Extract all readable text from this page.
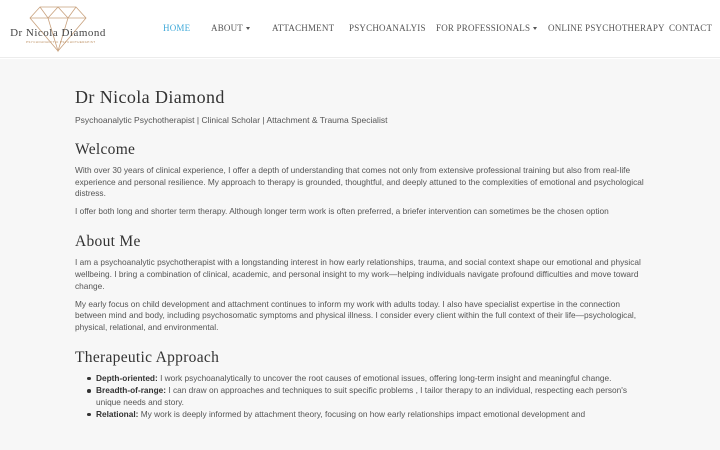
Dr Nicola Diamond
PSYCHOANALYTIC PSYCHOTHERAPIST
HOME ABOUT	ATTACHMENT PSYCHOANALYIS FOR PROFESSIONALS	ONLINE PSYCHOTHERAPY CONTACT
Dr Nicola Diamond
Psychoanalytic Psychotherapist | Clinical Scholar | Attachment & Trauma Specialist
Welcome

With over 30 years of clinical experience, I offer a depth of understanding that comes not only from extensive professional training but also from real-life experience and personal resilience. My approach to therapy is grounded, thoughtful, and deeply attuned to the complexities of emotional and psychological distress.

I offer both long and shorter term therapy. Although longer term work is often preferred, a briefer intervention can sometimes be the chosen option

About Me

I am a psychoanalytic psychotherapist with a longstanding interest in how early relationships, trauma, and social context shape our emotional and physical wellbeing. I bring a combination of clinical, academic, and personal insight to my work—helping individuals navigate profound difficulties and move toward change.

My early focus on child development and attachment continues to inform my work with adults today. I also have specialist expertise in the connection between mind and body, including psychosomatic symptoms and physical illness. I consider every client within the full context of their life—psychological, physical, relational, and environmental.

Therapeutic Approach
Depth-oriented: I work psychoanalytically to uncover the root causes of emotional issues, offering long-term insight and meaningful change.
Breadth-of-range: I can draw on approaches and techniques to suit specific problems , I tailor therapy to an individual, respecting each person's unique needs and story.
Relational: My work is deeply informed by attachment theory, focusing on how early relationships impact emotional development and
